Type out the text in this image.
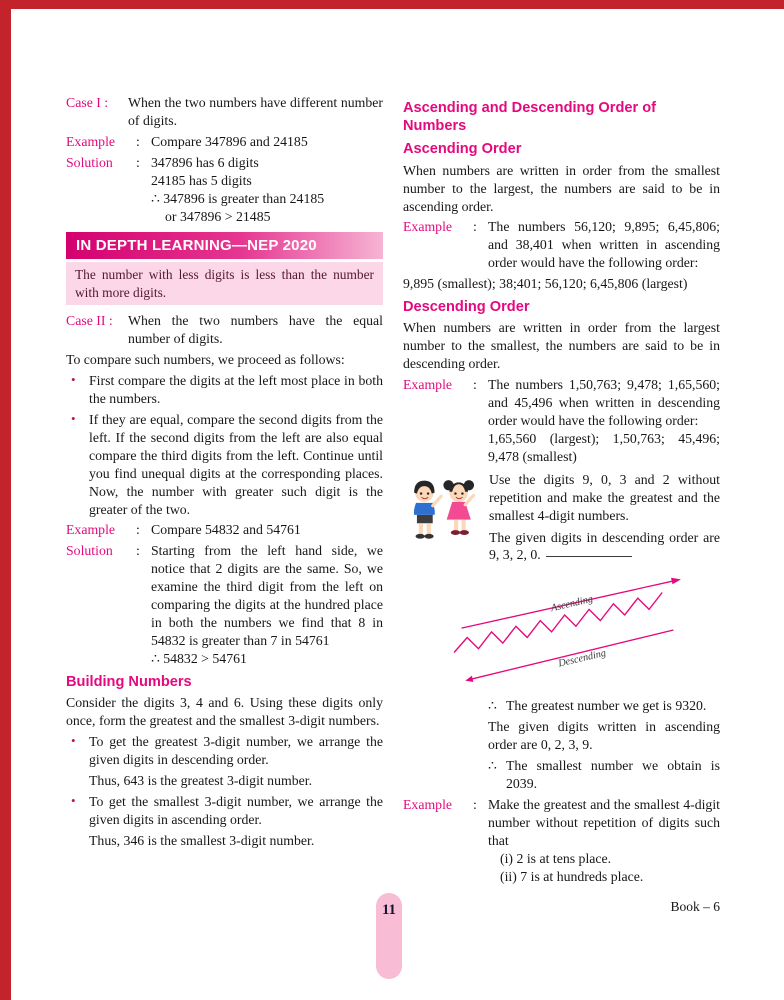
Case I :	When the two numbers have different number of digits.
Example	: Compare 347896 and 24185
Solution	: 347896 has 6 digits
24185 has 5 digits
∴ 347896 is greater than 24185
or 347896 > 21485
IN DEPTH LEARNING—NEP 2020
The number with less digits is less than the number with more digits.
Case II :	When the two numbers have the equal number of digits.
To compare such numbers, we proceed as follows:
• First compare the digits at the left most place in both the numbers.
• If they are equal, compare the second digits from the left. If the second digits from the left are also equal compare the third digits from the left. Continue until you find unequal digits at the corresponding places. Now, the number with greater such digit is the greater of the two.
Example	: Compare 54832 and 54761
Solution	: Starting from the left hand side, we notice that 2 digits are the same. So, we examine the third digit from the left on comparing the digits at the hundred place in both the numbers we find that 8 in 54832 is greater than 7 in 54761
∴ 54832 > 54761
Building Numbers
Consider the digits 3, 4 and 6. Using these digits only once, form the greatest and the smallest 3-digit numbers.
• To get the greatest 3-digit number, we arrange the given digits in descending order.
Thus, 643 is the greatest 3-digit number.
• To get the smallest 3-digit number, we arrange the given digits in ascending order.
Thus, 346 is the smallest 3-digit number.
Ascending and Descending Order of Numbers
Ascending Order
When numbers are written in order from the smallest number to the largest, the numbers are said to be in ascending order.
Example	: The numbers 56,120; 9,895; 6,45,806; and 38,401 when written in ascending order would have the following order:
9,895 (smallest); 38;401; 56,120; 6,45,806 (largest)
Descending Order
When numbers are written in order from the largest number to the smallest, the numbers are said to be in descending order.
Example	: The numbers 1,50,763; 9,478; 1,65,560; and 45,496 when written in descending order would have the following order:
1,65,560 (largest); 1,50,763; 45,496; 9,478 (smallest)

Use the digits 9, 0, 3 and 2 without repetition and make the greatest and the smallest 4-digit numbers.

The given digits in descending order are 9, 3, 2, 0.

Ascending
Descending
∴ The greatest number we get is 9320.
The given digits written in ascending order are 0, 2, 3, 9.
∴ The smallest number we obtain is 2039.
Example	: Make the greatest and the smallest 4-digit number without repetition of digits such that
(i) 2 is at tens place.
(ii) 7 is at hundreds place.
11	Book – 6
